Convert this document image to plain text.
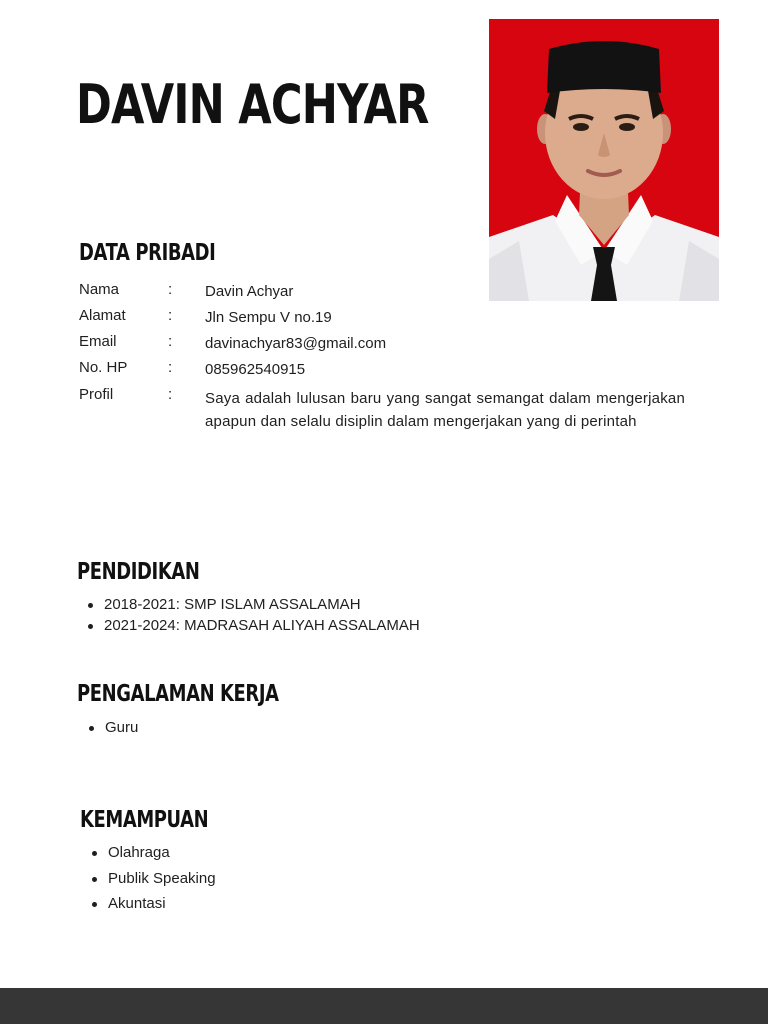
DAVIN ACHYAR
DATA PRIBADI
Nama	: Davin Achyar
Alamat	: Jln Sempu V no.19
Email	: davinachyar83@gmail.com
No. HP	: 085962540915
Profil	: Saya adalah lulusan baru yang sangat semangat dalam mengerjakan apapun dan selalu disiplin dalam mengerjakan yang di perintah
PENDIDIKAN
2018-2021: SMP ISLAM ASSALAMAH
2021-2024: MADRASAH ALIYAH ASSALAMAH
PENGALAMAN KERJA
Guru
KEMAMPUAN
Olahraga
Publik Speaking
Akuntasi
